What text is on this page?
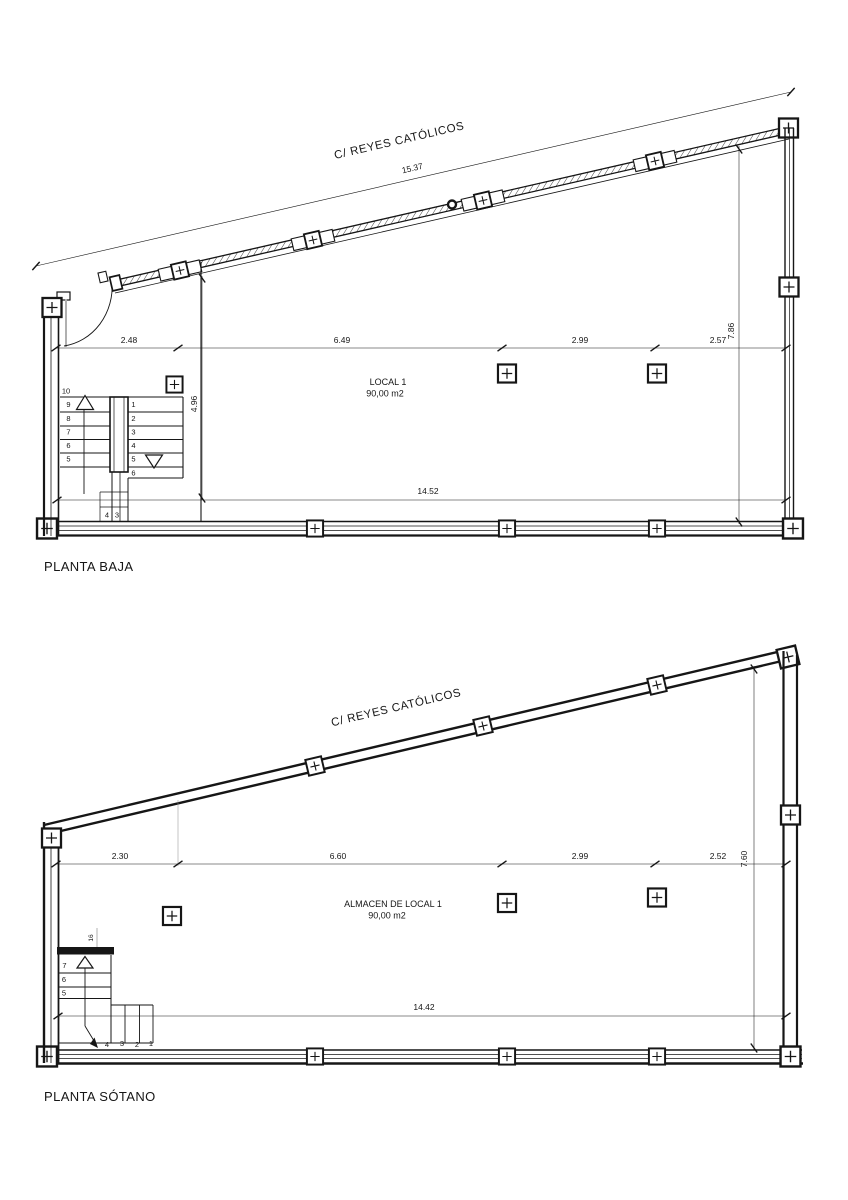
10
9
8
7
6
5
1
2
3
4
5
6
4 3
15.37
C/ REYES CATÓLICOS
2.48	6.49	2.99	2.57
4.96
7.86
14.52
LOCAL 1
90,00 m2
PLANTA BAJA
16
7
6
5
4 3 2 1
C/ REYES CATÓLICOS
2.30	6.60	2.99	2.52 7.60
14.42
ALMACEN DE LOCAL 1
90,00 m2
PLANTA SÓTANO
